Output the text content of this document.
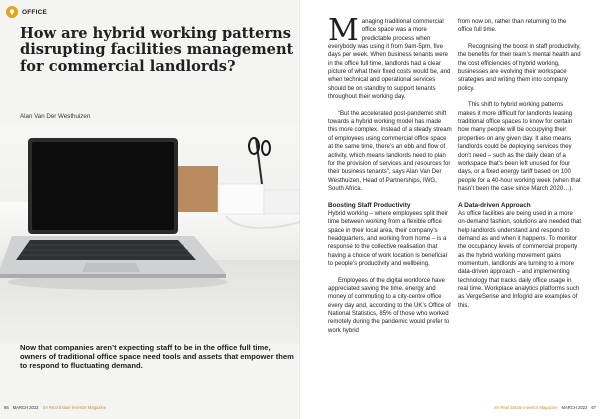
OFFICE
How are hybrid working patterns disrupting facilities management for commercial landlords?
Alan Van Der Westhuizen

Now that companies aren’t expecting staff to be in the office full time, owners of traditional office space need tools and assets that empower them to respond to fluctuating demand.

66 MARCH 2022 SA Real Estate Investor Magazine

Managing traditional commercial office space was a more predictable process when everybody was using it from 9am-5pm, five days per week. When business tenants were in the office full time, landlords had a clear picture of what their fixed costs would be, and when technical and operational services should be on standby to support tenants throughout their working day.

“But the accelerated post-pandemic shift towards a hybrid working model has made this more complex. Instead of a steady stream of employees using commercial office space at the same time, there’s an ebb and flow of activity, which means landlords need to plan for the provision of services and resources for their business tenants”, says Alan Van Der Westhuizen, Head of Partnerships, IWG, South Africa.

Boosting Staff Productivity

Hybrid working – where employees split their time between working from a flexible office space in their local area, their company’s headquarters, and working from home – is a response to the collective realisation that having a choice of work location is beneficial to people’s productivity and wellbeing.

Employees of the digital workforce have appreciated saving the time, energy and money of commuting to a city-centre office every day and, according to the UK’s Office of National Statistics, 85% of those who worked remotely during the pandemic would prefer to work hybrid

from now on, rather than returning to the office full time.

Recognising the boost in staff productivity, the benefits for their team’s mental health and the cost efficiencies of hybrid working, businesses are evolving their workspace strategies and writing them into company policy.

This shift to hybrid working patterns makes it more difficult for landlords leasing traditional office spaces to know for certain how many people will be occupying their properties on any given day. It also means landlords could be deploying services they don’t need – such as the daily clean of a workspace that’s been left unused for four days, or a fixed energy tariff based on 100 people for a 40-hour working week (when that hasn’t been the case since March 2020…).

A Data-driven Approach

As office facilities are being used in a more on-demand fashion, solutions are needed that help landlords understand and respond to demand as and when it happens. To monitor the occupancy levels of commercial property as the hybrid working movement gains momentum, landlords are turning to a more data-driven approach – and implementing technology that tracks daily office usage in real time. Workplace analytics platforms such as VergeSense and Infogrid are examples of this.

SA Real Estate Investor Magazine MARCH 2022 67
